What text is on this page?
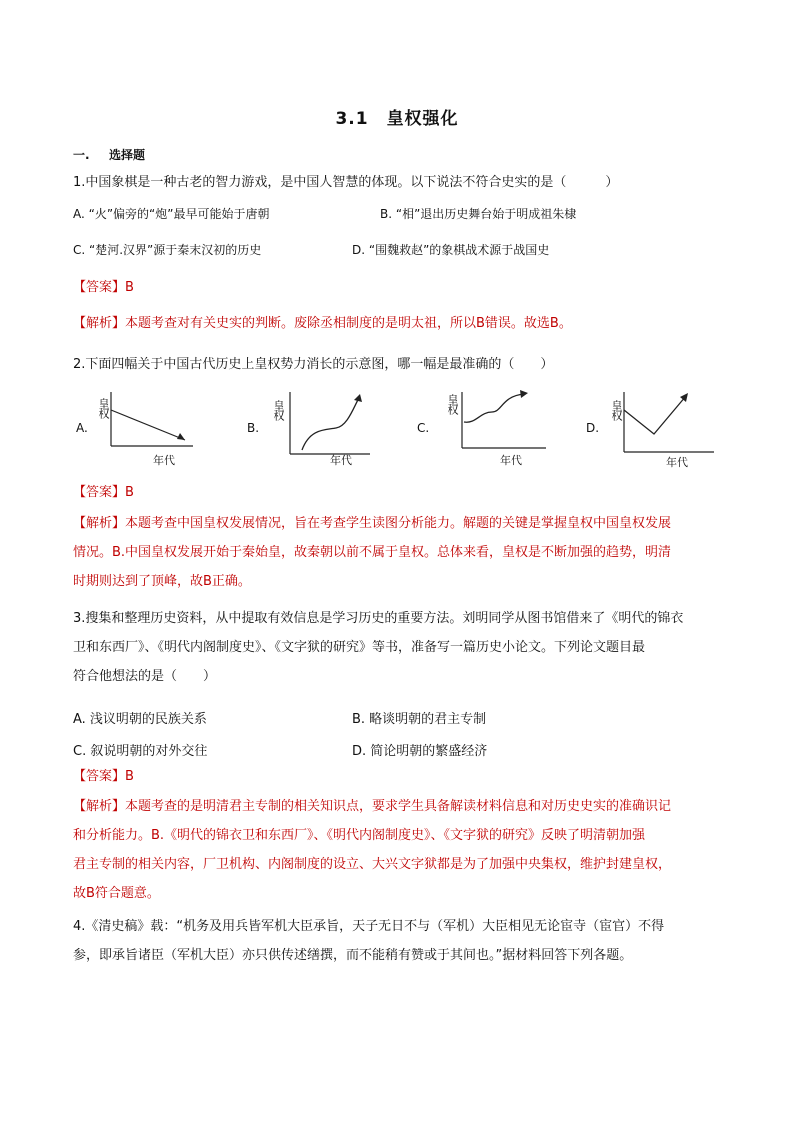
3.1 皇权强化
一. 选择题
1.中国象棋是一种古老的智力游戏，是中国人智慧的体现。以下说法不符合史实的是（　　　）
A. “火”偏旁的“炮”最早可能始于唐朝	B. “相”退出历史舞台始于明成祖朱棣
C. “楚河.汉界”源于秦末汉初的历史	D. “围魏救赵”的象棋战术源于战国史
【答案】B
【解析】本题考查对有关史实的判断。废除丞相制度的是明太祖，所以B错误。故选B。
2.下面四幅关于中国古代历史上皇权势力消长的示意图，哪一幅是最准确的（　　）
A.
皇权
年代
B.
皇权
年代
C.
皇权
年代
D.
皇权
年代
【答案】B
【解析】本题考查中国皇权发展情况，旨在考查学生读图分析能力。解题的关键是掌握皇权中国皇权发展
情况。B.中国皇权发展开始于秦始皇，故秦朝以前不属于皇权。总体来看，皇权是不断加强的趋势，明清
时期则达到了顶峰，故B正确。
3.搜集和整理历史资料，从中提取有效信息是学习历史的重要方法。刘明同学从图书馆借来了《明代的锦衣
卫和东西厂》、《明代内阁制度史》、《文字狱的研究》等书，准备写一篇历史小论文。下列论文题目最
符合他想法的是（　　）
A. 浅议明朝的民族关系	B. 略谈明朝的君主专制
C. 叙说明朝的对外交往	D. 简论明朝的繁盛经济
【答案】B
【解析】本题考查的是明清君主专制的相关知识点，要求学生具备解读材料信息和对历史史实的准确识记
和分析能力。B.《明代的锦衣卫和东西厂》、《明代内阁制度史》、《文字狱的研究》反映了明清朝加强
君主专制的相关内容，厂卫机构、内阁制度的设立、大兴文字狱都是为了加强中央集权，维护封建皇权，
故B符合题意。
4.《清史稿》载：“机务及用兵皆军机大臣承旨，天子无日不与（军机）大臣相见无论宦寺（宦官）不得
参，即承旨诸臣（军机大臣）亦只供传述缮撰，而不能稍有赞或于其间也。”据材料回答下列各题。
